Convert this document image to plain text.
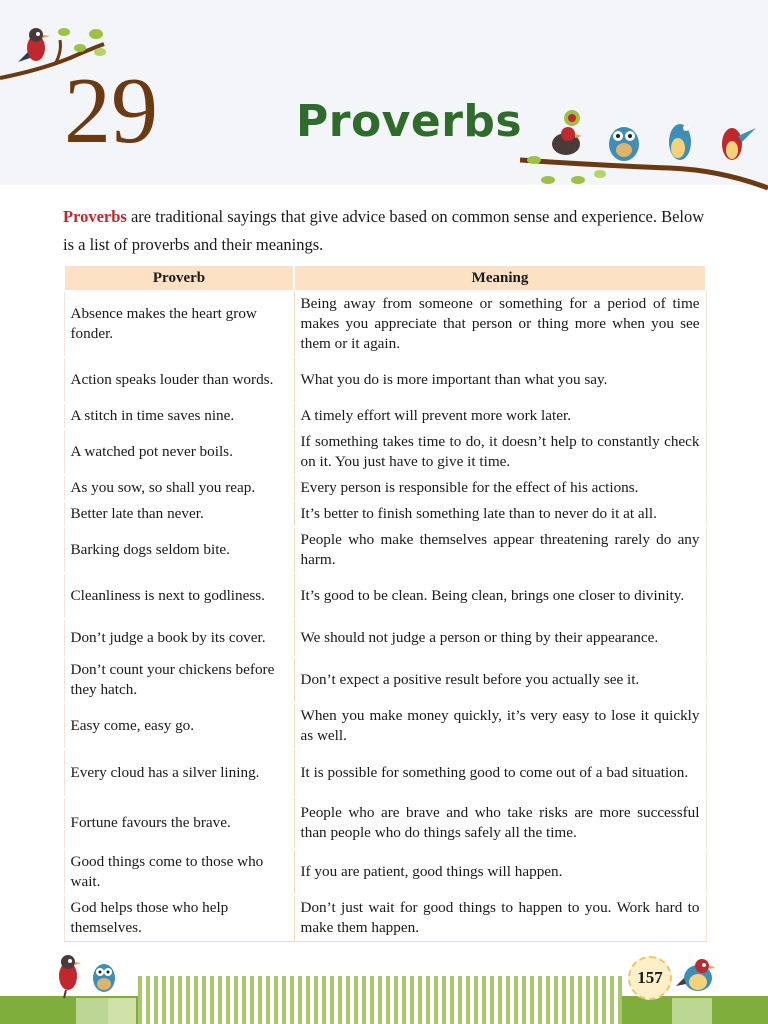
29	Proverbs
Proverbs are traditional sayings that give advice based on common sense and experience. Below is a list of proverbs and their meanings.
Proverb	Meaning
Absence makes the heart grow fonder.	Being away from someone or something for a period of time makes you appreciate that person or thing more when you see them or it again.
Action speaks louder than words.	What you do is more important than what you say.
A stitch in time saves nine.	A timely effort will prevent more work later.
A watched pot never boils.	If something takes time to do, it doesn’t help to constantly check on it. You just have to give it time.
As you sow, so shall you reap.	Every person is responsible for the effect of his actions.
Better late than never.	It’s better to finish something late than to never do it at all.
Barking dogs seldom bite.	People who make themselves appear threatening rarely do any harm.
Cleanliness is next to godliness.	It’s good to be clean. Being clean, brings one closer to divinity.
Don’t judge a book by its cover.	We should not judge a person or thing by their appearance.
Don’t count your chickens before they hatch.	Don’t expect a positive result before you actually see it.
Easy come, easy go.	When you make money quickly, it’s very easy to lose it quickly as well.
Every cloud has a silver lining.	It is possible for something good to come out of a bad situation.
Fortune favours the brave.	People who are brave and who take risks are more successful than people who do things safely all the time.
Good things come to those who wait.	If you are patient, good things will happen.
God helps those who help themselves.	Don’t just wait for good things to happen to you. Work hard to make them happen.
157
